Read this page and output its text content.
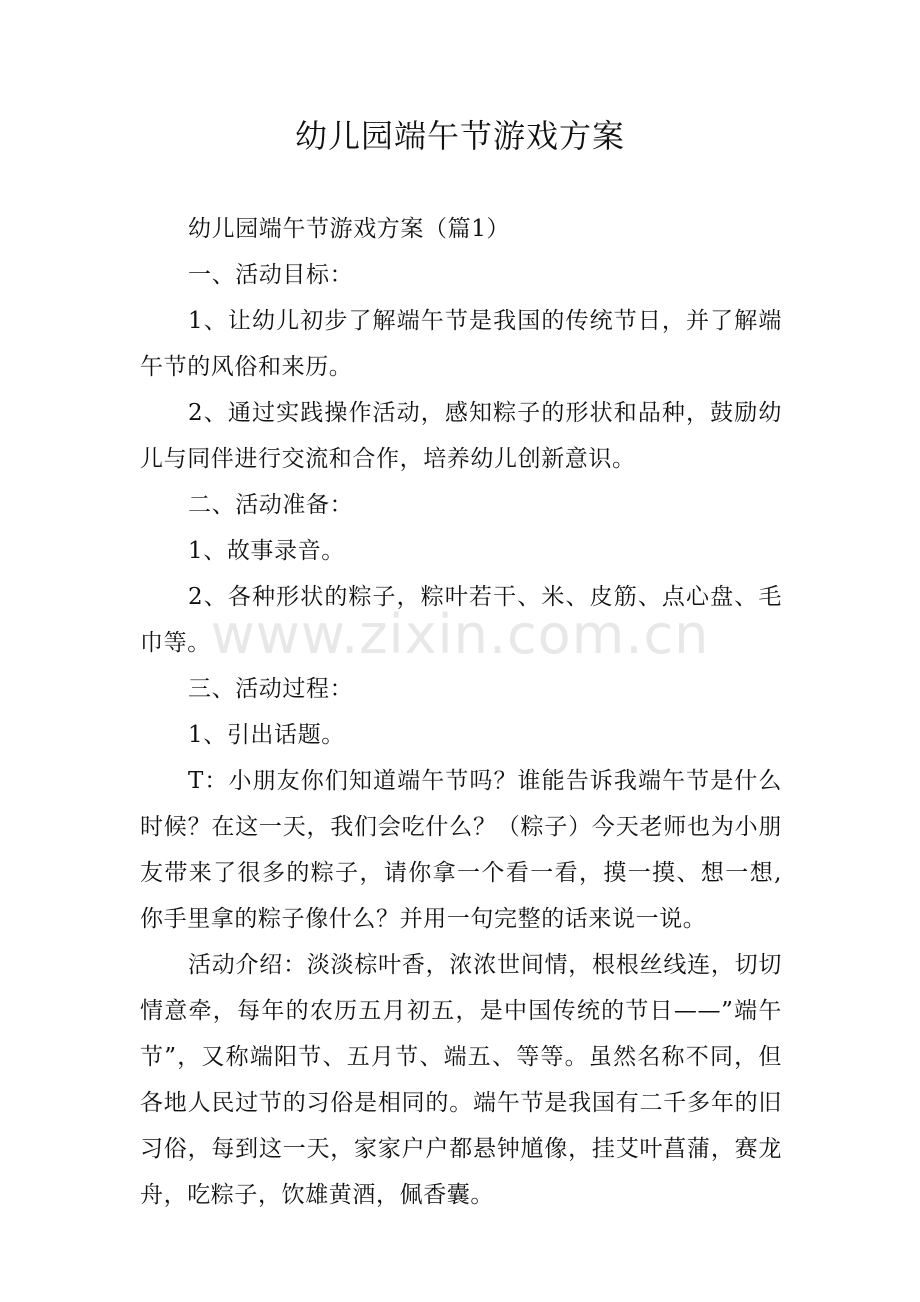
幼儿园端午节游戏方案

幼儿园端午节游戏方案（篇1）

一、活动目标：

1、让幼儿初步了解端午节是我国的传统节日，并了解端午节的风俗和来历。

2、通过实践操作活动，感知粽子的形状和品种，鼓励幼儿与同伴进行交流和合作，培养幼儿创新意识。

二、活动准备：

1、故事录音。

2、各种形状的粽子，粽叶若干、米、皮筋、点心盘、毛巾等。

三、活动过程：

1、引出话题。

T：小朋友你们知道端午节吗？谁能告诉我端午节是什么时候？在这一天，我们会吃什么？（粽子）今天老师也为小朋友带来了很多的粽子，请你拿一个看一看，摸一摸、想一想,你手里拿的粽子像什么？并用一句完整的话来说一说。

活动介绍：淡淡棕叶香，浓浓世间情，根根丝线连，切切情意牵，每年的农历五月初五，是中国传统的节日——”端午节”，又称端阳节、五月节、端五、等等。虽然名称不同，但各地人民过节的习俗是相同的。端午节是我国有二千多年的旧习俗，每到这一天，家家户户都悬钟馗像，挂艾叶菖蒲，赛龙舟，吃粽子，饮雄黄酒，佩香囊。

www.zixin.com.cn
